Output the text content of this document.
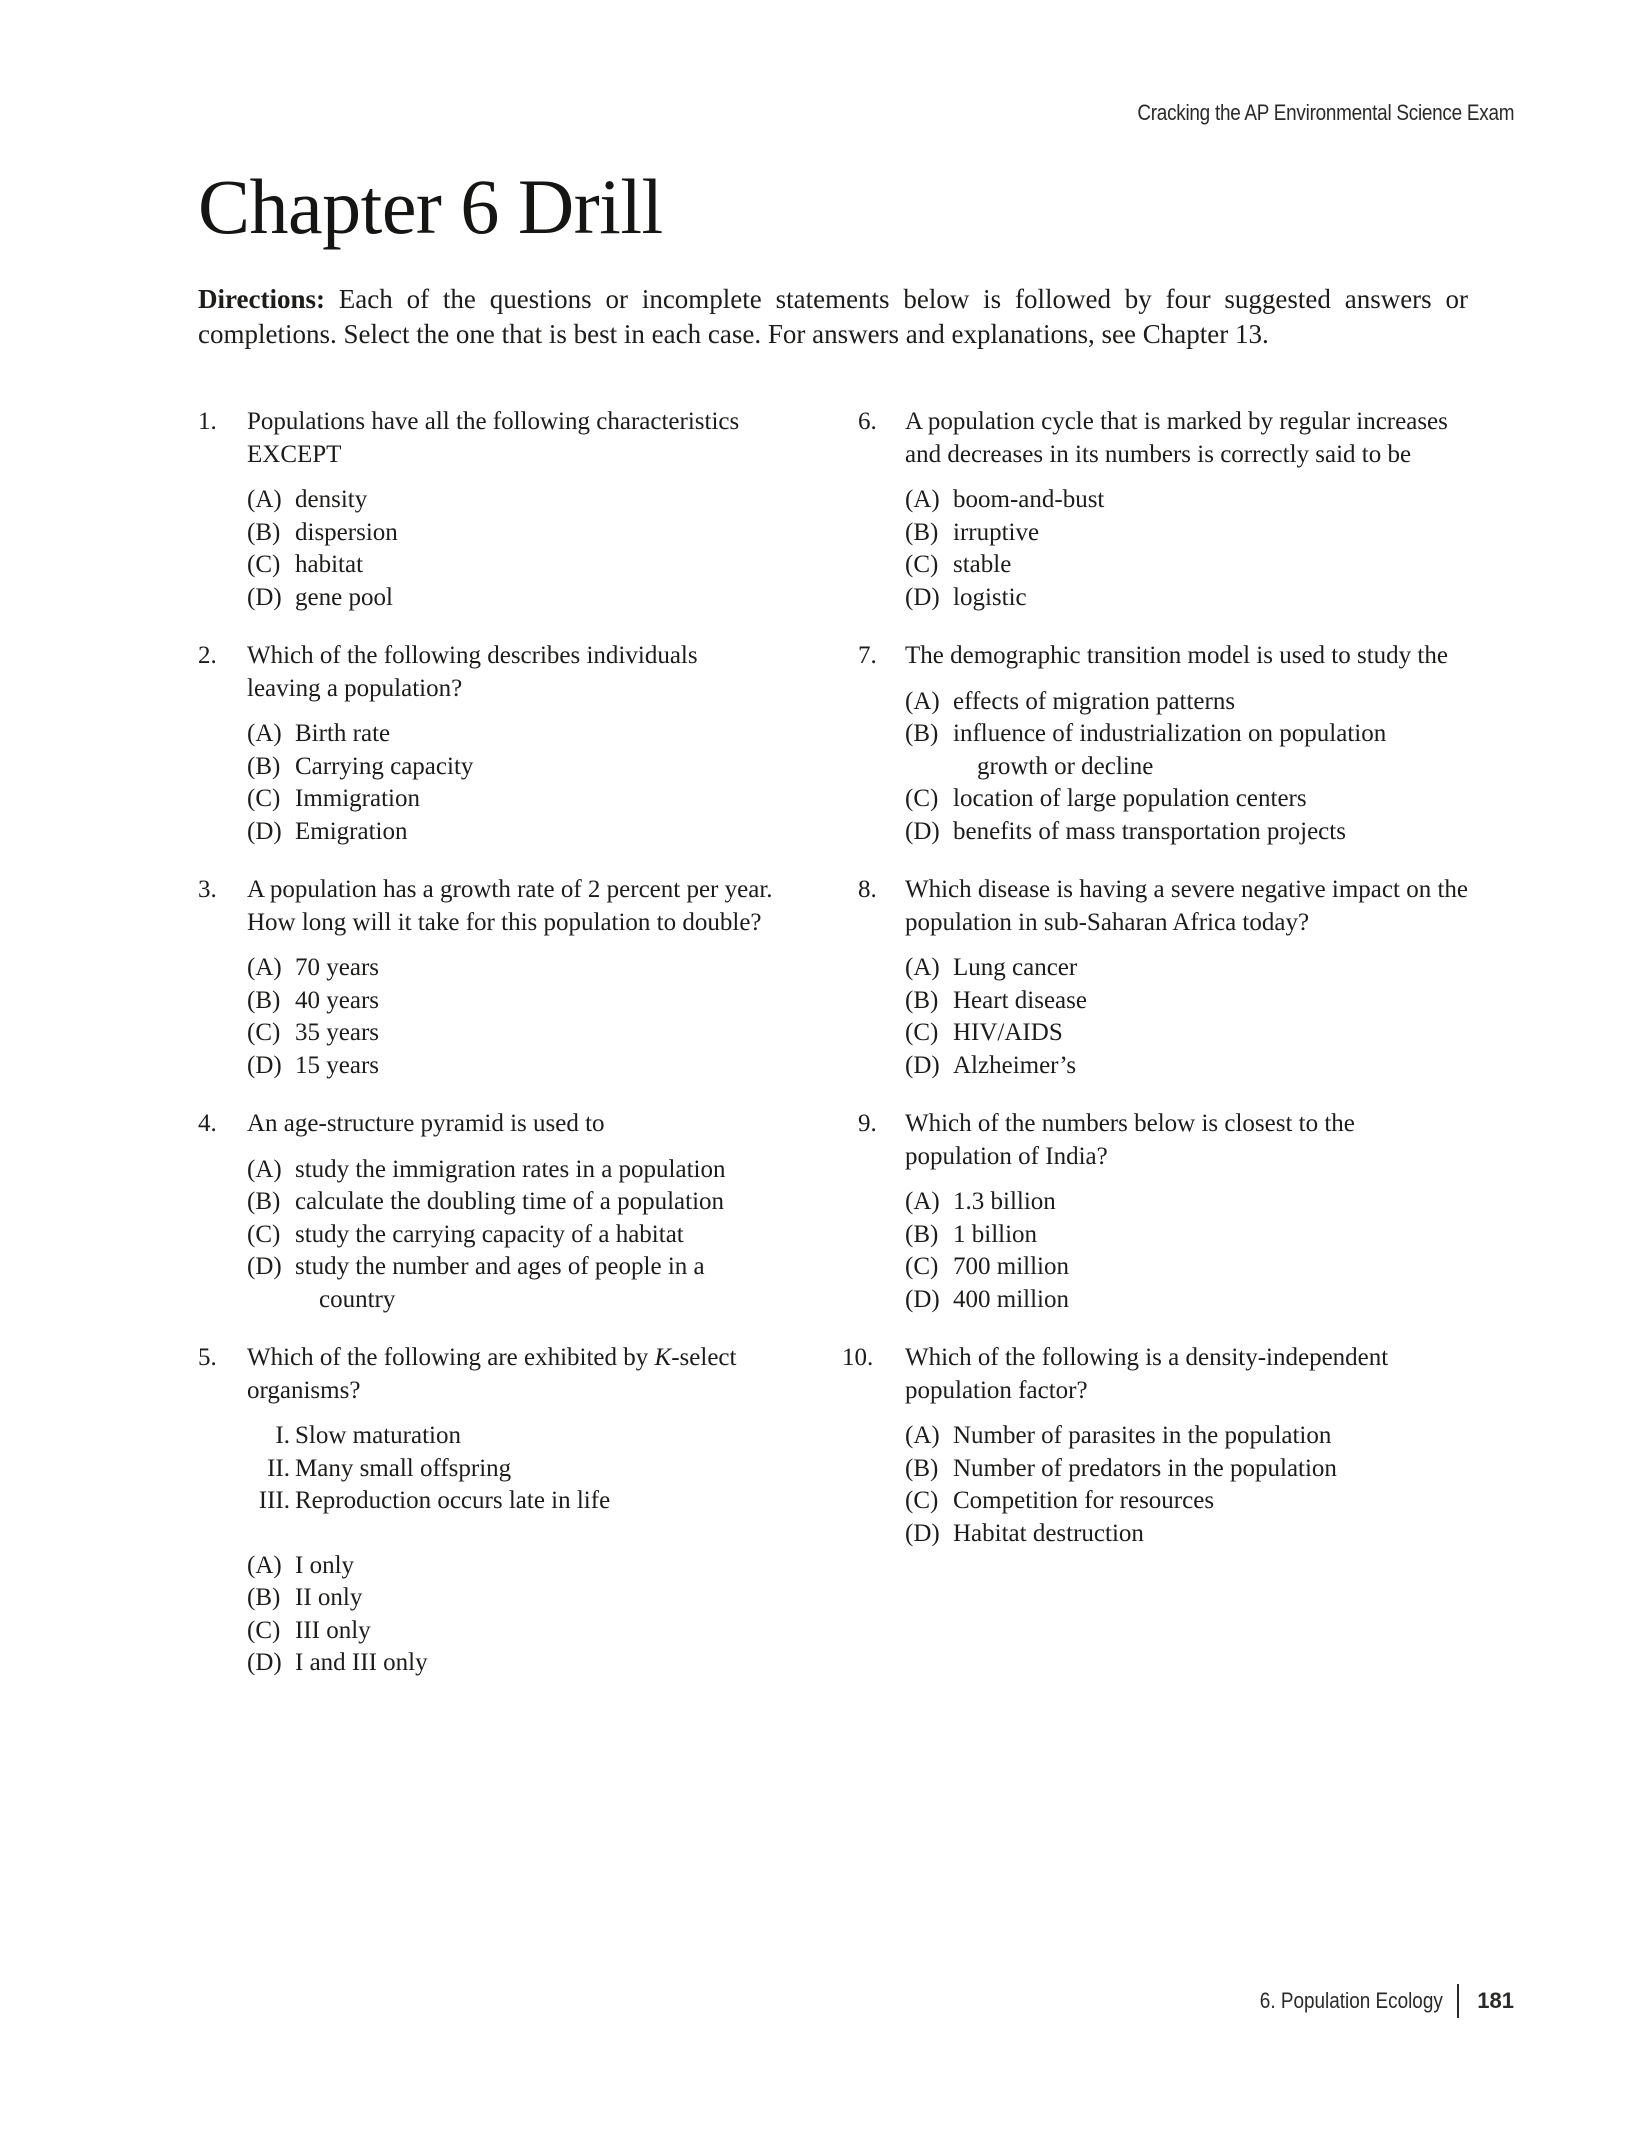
Cracking the AP Environmental Science Exam
Chapter 6 Drill
Directions: Each of the questions or incomplete statements below is followed by four suggested answers or completions. Select the one that is best in each case. For answers and explanations, see Chapter 13.
1. Populations have all the following characteristics EXCEPT
(A) density
(B) dispersion
(C) habitat
(D) gene pool
2. Which of the following describes individuals leaving a population?
(A) Birth rate
(B) Carrying capacity
(C) Immigration
(D) Emigration
3. A population has a growth rate of 2 percent per year. How long will it take for this population to double?
(A) 70 years
(B) 40 years
(C) 35 years
(D) 15 years
4. An age-structure pyramid is used to
(A) study the immigration rates in a population
(B) calculate the doubling time of a population
(C) study the carrying capacity of a habitat
(D) study the number and ages of people in a
country
5. Which of the following are exhibited by K-select organisms?
I. Slow maturation
II. Many small offspring
III. Reproduction occurs late in life
(A) I only
(B) II only
(C) III only
(D) I and III only
6. A population cycle that is marked by regular increases and decreases in its numbers is correctly said to be
(A) boom-and-bust
(B) irruptive
(C) stable
(D) logistic
7. The demographic transition model is used to study the
(A) effects of migration patterns
(B) influence of industrialization on population
growth or decline
(C) location of large population centers
(D) benefits of mass transportation projects
8. Which disease is having a severe negative impact on the population in sub-Saharan Africa today?
(A) Lung cancer
(B) Heart disease
(C) HIV/AIDS
(D) Alzheimer’s
9. Which of the numbers below is closest to the population of India?
(A) 1.3 billion
(B) 1 billion
(C) 700 million
(D) 400 million
10. Which of the following is a density-independent population factor?
(A) Number of parasites in the population
(B) Number of predators in the population
(C) Competition for resources
(D) Habitat destruction
6. Population Ecology 181
